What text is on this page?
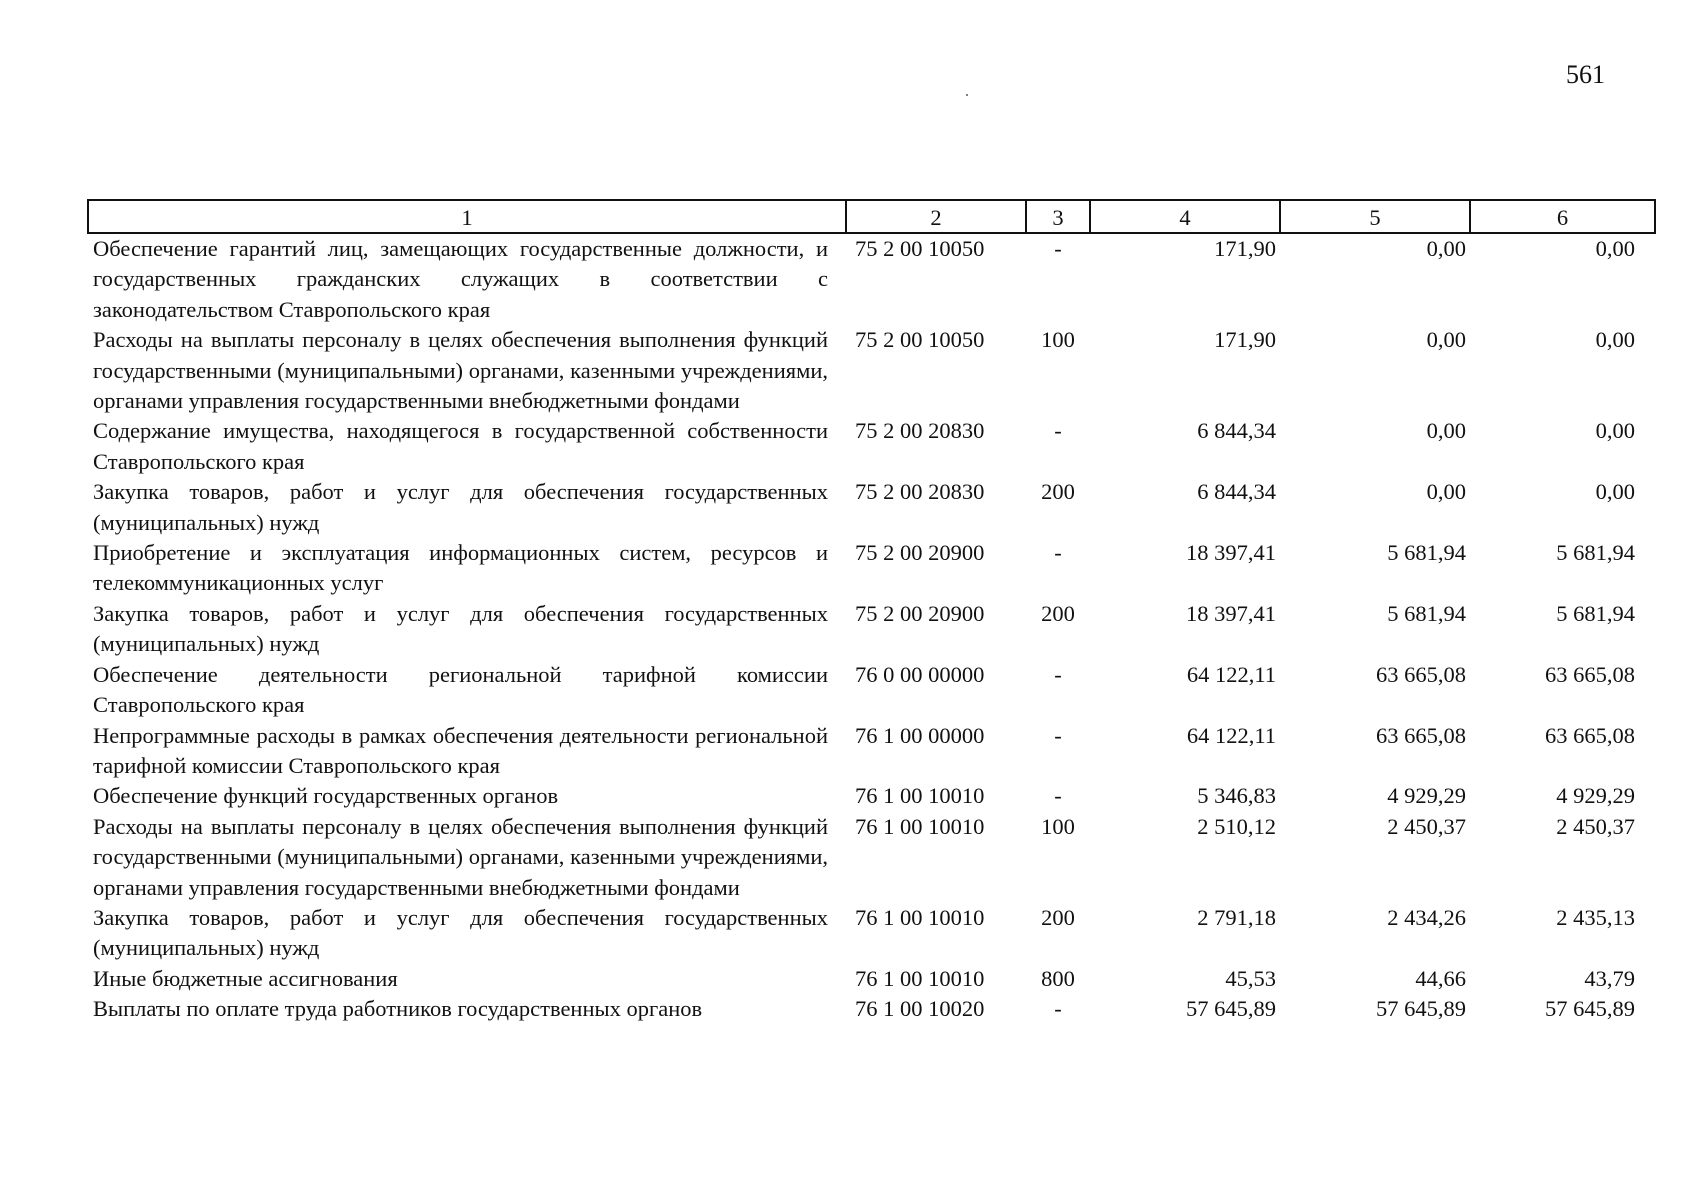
561
1	2	3	4	5	6
Обеспечение гарантий лиц, замещающих государственные должности, и государственных гражданских служащих в соответствии с законодательством Ставропольского края	75 2 00 10050	-	171,90	0,00	0,00
Расходы на выплаты персоналу в целях обеспечения выполнения функций государственными (муниципальными) органами, казенными учреждениями, органами управления государственными внебюджетными фондами	75 2 00 10050	100	171,90	0,00	0,00
Содержание имущества, находящегося в государственной собственности Ставропольского края	75 2 00 20830	-	6 844,34	0,00	0,00
Закупка товаров, работ и услуг для обеспечения государственных (муниципальных) нужд	75 2 00 20830	200	6 844,34	0,00	0,00
Приобретение и эксплуатация информационных систем, ресурсов и телекоммуникационных услуг	75 2 00 20900	-	18 397,41	5 681,94	5 681,94
Закупка товаров, работ и услуг для обеспечения государственных (муниципальных) нужд	75 2 00 20900	200	18 397,41	5 681,94	5 681,94
Обеспечение деятельности региональной тарифной комиссии Ставропольского края	76 0 00 00000	-	64 122,11	63 665,08	63 665,08
Непрограммные расходы в рамках обеспечения деятельности региональной тарифной комиссии Ставропольского края	76 1 00 00000	-	64 122,11	63 665,08	63 665,08
Обеспечение функций государственных органов	76 1 00 10010	-	5 346,83	4 929,29	4 929,29
Расходы на выплаты персоналу в целях обеспечения выполнения функций государственными (муниципальными) органами, казенными учреждениями, органами управления государственными внебюджетными фондами	76 1 00 10010	100	2 510,12	2 450,37	2 450,37
Закупка товаров, работ и услуг для обеспечения государственных (муниципальных) нужд	76 1 00 10010	200	2 791,18	2 434,26	2 435,13
Иные бюджетные ассигнования	76 1 00 10010	800	45,53	44,66	43,79
Выплаты по оплате труда работников государственных органов	76 1 00 10020	-	57 645,89	57 645,89	57 645,89
